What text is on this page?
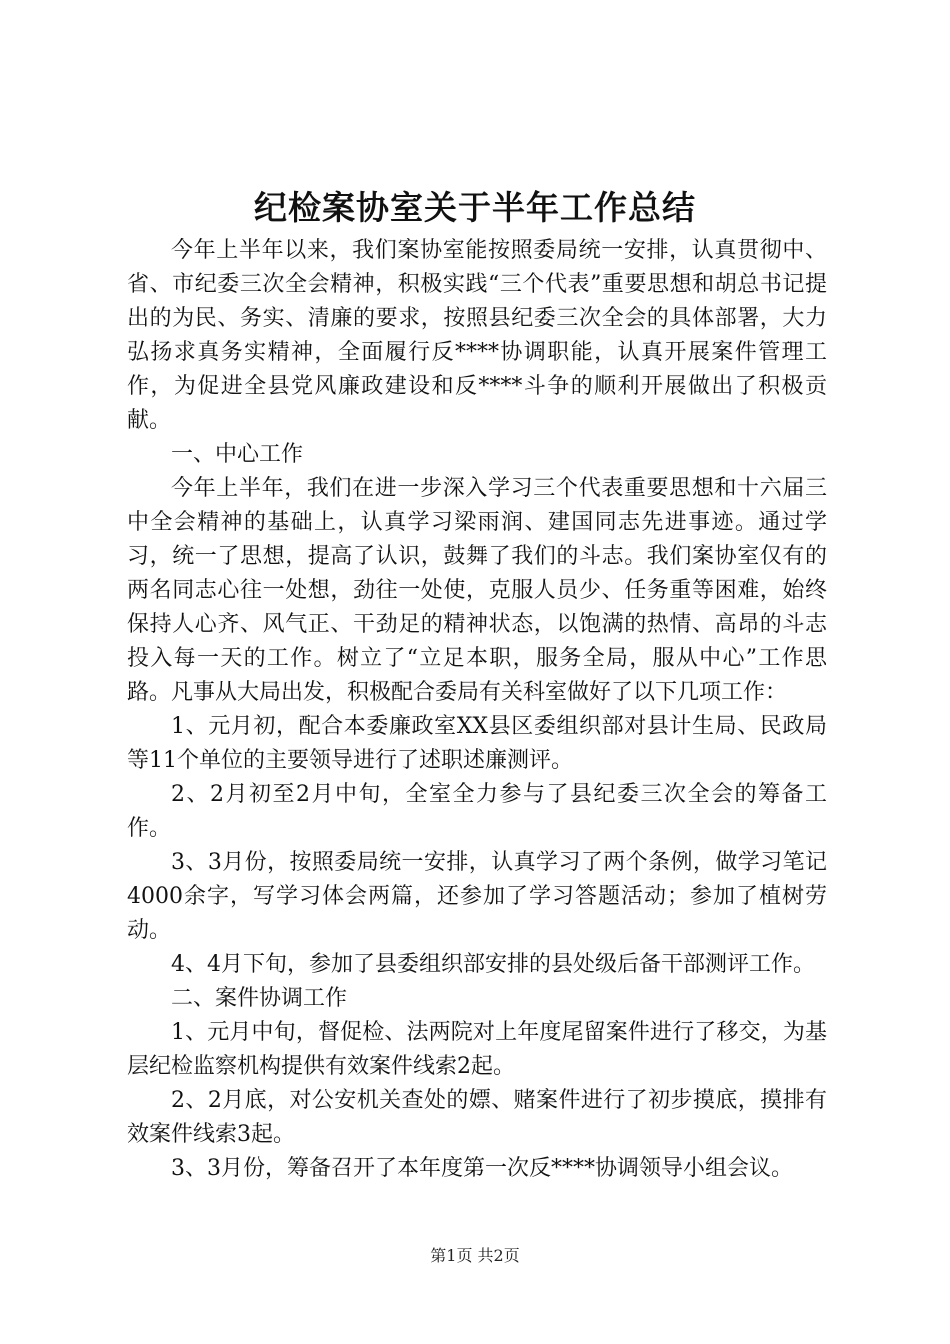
纪检案协室关于半年工作总结

今年上半年以来，我们案协室能按照委局统一安排，认真贯彻中、省、市纪委三次全会精神，积极实践“三个代表”重要思想和胡总书记提出的为民、务实、清廉的要求，按照县纪委三次全会的具体部署，大力弘扬求真务实精神，全面履行反****协调职能，认真开展案件管理工作，为促进全县党风廉政建设和反****斗争的顺利开展做出了积极贡献。

一、中心工作

今年上半年，我们在进一步深入学习三个代表重要思想和十六届三中全会精神的基础上，认真学习梁雨润、建国同志先进事迹。通过学习，统一了思想，提高了认识，鼓舞了我们的斗志。我们案协室仅有的两名同志心往一处想，劲往一处使，克服人员少、任务重等困难，始终保持人心齐、风气正、干劲足的精神状态，以饱满的热情、高昂的斗志投入每一天的工作。树立了“立足本职，服务全局，服从中心”工作思路。凡事从大局出发，积极配合委局有关科室做好了以下几项工作：

1、元月初，配合本委廉政室XX县区委组织部对县计生局、民政局等11个单位的主要领导进行了述职述廉测评。

2、2月初至2月中旬，全室全力参与了县纪委三次全会的筹备工作。

3、3月份，按照委局统一安排，认真学习了两个条例，做学习笔记4000余字，写学习体会两篇，还参加了学习答题活动；参加了植树劳动。

4、4月下旬，参加了县委组织部安排的县处级后备干部测评工作。

二、案件协调工作

1、元月中旬，督促检、法两院对上年度尾留案件进行了移交，为基层纪检监察机构提供有效案件线索2起。

2、2月底，对公安机关查处的嫖、赌案件进行了初步摸底，摸排有效案件线索3起。

3、3月份，筹备召开了本年度第一次反****协调领导小组会议。

第1页 共2页
